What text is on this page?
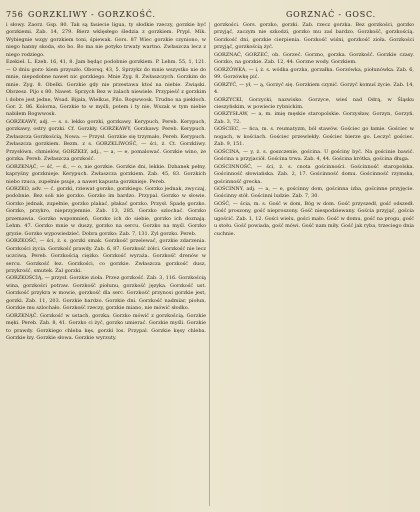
756 GORZKLIWY - GORZKOŚĆ.	GORZNAĆ - GOSC.

i słowy. Zaorz. Gsp. 80. Tak są fasiecie ligua, ty słodkie rzeczy, gorzkie być gorzkiemi. Zab. 14, 279. Bierz wklęsłego śledzia z gorzkiem. Prypl. Mik. Wybiegnie wzgy gorzkiem toni, śpiewak. Gors. 87 Wiec gorzkie czyniono, w niego hanny skoda, sto bo. Bo ma nie potyko trwaty wartno. Zwłaszcza lecz z niego rodziego.

Ezekiel. L. Ezeh. 16, 41, 8. Jam będąc podobnie gorzkiem. P. Lehm. 55, 1, 121. — O dniu gorz- kiem przyszło. Oborsq. 43, 5. Sprzykz do mnie wszystko nie do mnie, niepodobne nawet nic gorzkiego. Mnie Zyg. 8. Zwłaszczych. Gorzkim do mnie. Zyg. 8. Obelki. Gorzkie gdy nie przestawa ktoś na niebie. Zwiąski. Obrzesz. Pijo s 80. Nawet. Sprzych Bez w żalach niewiele. Przypieść z gorzkim i dobre jest jedne, Wsad. Bijała, Wielkus, Pilo. Rogwwosk. Trudno na piekłoch. Gor. 2. 86. Kolorna, Gorzkie to w myśli, potem i ty nie, Wszak w tym niebie nabiłem Rogwwosk.

GORZKAWY, adj. — s. s. lekko gorzki, gorzkawy. Kerypuch, Pereb. Kerypuch, gorzkawy, ostry gorzki. Cf. Gorzkły. GORZKAWY, Gorzkawy. Pereb. Kerypuch. Zwłaszcza Gorzkością, Nowa. — Przysł. Gorzkie się trzymało, Pereb. Kerypuch. Zwłaszcza gorzkiem. Bezm. z s. GORZKLIWOŚĆ, — ści, ż. Ct. Gorzkliwy. Przysłówn. chmielów, GORZKŁY, adj., — a, — e, pomalować. Gorzkie wino, że gorzka. Pereb. Zwłaszcza gorzkość.

GORZKNĄĆ, — ść, — d., — o, nie gorzkie. Gorzkie dni, lekkie. Dzbanek pełny, kapryśny gorzknieje. Kerypuch. Zwłaszcza gorzkiem. Zab. 45, 83. Gorzkich niebo rzuca, zupełnie psuje, a nawet kapusta gorzknieje. Pereb.

GORZKO, adv. — ć. gorzki, rziewat gorzko, gorzkiego. Gorzko jednak, zwyczaj, podobnie. Bez soli nie gorzko. Gorzko im bardzo. Przypal. Gorzko w słowie. Gorzko jednak, zupełnie, gorzko plakać, płakać gorzko. Przysł. Spadę gorzko. Gorzko, przykro, nieprzyjemnie. Zab. 13, 285. Gorzko szlochać. Gorzko przemawia. Gorzko wspomnień, Gorzko ich do siebie, gorzko ich doznają. Lehm. 47. Gorzko mnie w duszy, gorzko na sercu. Gorzko na myśl. Gorzko gryzie. Gorzko wypowiedzieć. Dobra gorzko: Zab. 7, 131. Zyl gorzko. Pereb.

GORZKOŚĆ, — ści, ż. s. gorzki smak. Gorzkość przelewać, gorzkie zdarzenia. Gorzkości życia. Gorzkość prawdy. Zab. 6, 87. Gorzkość żółci. Gorzkość nie lecz uczciwą. Pereb. Gorzkością ciężko. Gorzkość wyraża. Gorzkość drenów w sercu. Gorzkość łez. Gorzkości, co gorzkie. Zwłaszcza gorzkość dusz, przykrość, smutek. Żal gorzki.

GORZKOŚCIĄ, — przysł. Gorzkie zioła. Przez gorzkość. Zab. 3, 116. Gorzkością wina, gorzkości potraw. Gorzkość piołunu, gorzkość języka. Gorzkość ust. Gorzkość przykra w mowie, gorzkość dla serc. Gorzkość przynosi gorzkie jest, gorzki. Zab. 11, 203. Gorzkie bardzo. Gorzkie dni. Gorzkość nadmiar, piołun, Gorzkie mu szlochało. Gorzkość rzeczy, gorzkie miano, nie mówić słodko.

GORZKNĄĆ. Gorzkość w ustach, gorzka. Gorzko mówić z gorzkością. Gorzkie męki. Pereb. Zab. 8, 41. Gorzko ci żyć, gorzko umierać. Gorzkie myśli. Gorzkie to prawdy. Gorzkiego chleba kęs, gorzki los. Przypal. Gorzkie kęsy chleba. Gorzkie łzy. Gorzkie słowa. Gorzkie wyrzuty.

gorzkości. Gors. gorzko, gorzki. Zab. rzecz gorzka. Bez gorzkości, gorzko przyjąć, zaczym nie szkodzi, gorzko mu zaś bardzo. Gorzkość, gorzkością. Gorzkość dni, gorzkie cierpienia. Gorzkość wiśni, gorzkość zioła. Gorzkości przyjąć, gorzkością żyć.

GORZNAĆ, GORZEĆ, ob. Gorzeć. Gorzno, gorzka. Gorzkość. Gorzkie czasy. Gorzko, na gorzkie. Zab. 12, 44. Gorzne wody. Gorzkiem.

GORZÓWKA, — i, ż. s. wódka gorzka, gorzałka. Gorzówka, piołunówka. Zab. 6, 99. Gorzówkę pić.

GORZYĆ, — ył, — ą, Gorzyć się. Gorzkiem czynić. Gorzyć komuś życie. Zab. 14, 4.

GORZYCKI, Gorzycki, nazwisko. Gorzyce, wieś nad Odrą, w Śląsku cieszyńskim, w powiecie rybnickim.

GORZYSŁAW, — a, m. imię męskie staropolskie. Gorzysław, Gorzyn, Gorzyń. Zab. 3, 72.

GOŚCIEC, — ńca, m. s. reumatyzm, ból stawów. Gościec go łamie. Gościec w nogach, w kościach. Gościec przewlekły. Gościec bierze go. Leczyć gościec. Zab. 9, 151.

GOŚCINA, — y, ż. s. goszczenie, gościna. U gościny być. Na gościnie bawić. Gościna u przyjaciół. Gościna trwa. Zab. 4, 44. Gościna krótka, gościna długa.

GOŚCINNOŚĆ, — ści, ż. s. cnota gościnności. Gościnność staropolska. Gościnność słowiańska. Zab. 2, 17. Gościnność domu. Gościnność rzymska, gościnność grecka.

GOŚCINNY, adj. — a, — e, gościnny dom, gościnna izba, gościnne przyjęcie. Gościnny stół. Gościnni ludzie. Zab. 7, 30.

GOŚĆ, — ścia, m. s. Gość w dom, Bóg w dom. Gość przyszedł, gość odszedł. Gość proszony, gość nieproszony. Gość niespodziewany. Gościa przyjąć, gościa ugościć. Zab. 1, 12. Gości wielu, gości mało. Gość w domu, gość na progu, gość u stołu. Gość powiada, gość mówi. Gość nam miły. Gość jak ryba, trzeciego dnia cuchnie.
